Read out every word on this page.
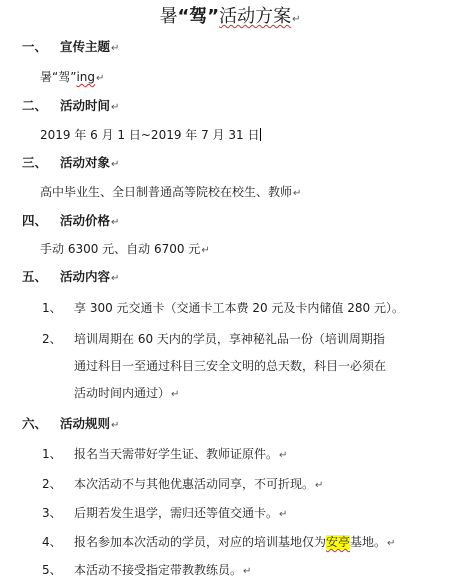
暑“驾”活动方案↵
一、 宣传主题↵
暑“驾”ing↵
二、 活动时间↵
2019 年 6 月 1 日~2019 年 7 月 31 日
三、 活动对象↵
高中毕业生、全日制普通高等院校在校生、教师↵
四、 活动价格↵
手动 6300 元、自动 6700 元↵
五、 活动内容↵
1、 享 300 元交通卡（交通卡工本费 20 元及卡内储值 280 元）。
2、 培训周期在 60 天内的学员，享神秘礼品一份（培训周期指
通过科目一至通过科目三安全文明的总天数，科目一必须在
活动时间内通过）↵
六、 活动规则↵
1、 报名当天需带好学生证、教师证原件。↵
2、 本次活动不与其他优惠活动同享，不可折现。↵
3、 后期若发生退学，需归还等值交通卡。↵
4、 报名参加本次活动的学员，对应的培训基地仅为安亭基地。↵
5、 本活动不接受指定带教教练员。↵
